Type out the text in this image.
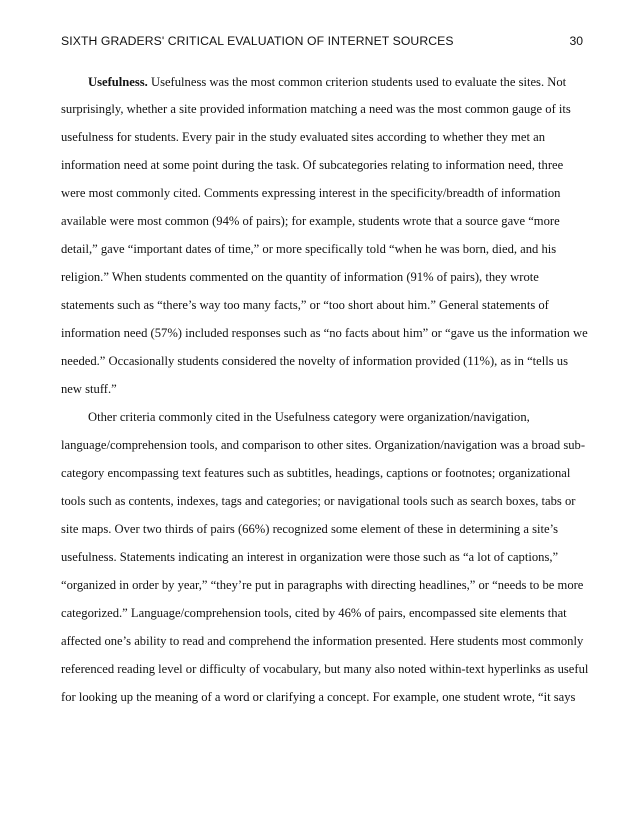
SIXTH GRADERS' CRITICAL EVALUATION OF INTERNET SOURCES	30
Usefulness. Usefulness was the most common criterion students used to evaluate the sites. Not
surprisingly, whether a site provided information matching a need was the most common gauge of its
usefulness for students. Every pair in the study evaluated sites according to whether they met an
information need at some point during the task. Of subcategories relating to information need, three
were most commonly cited. Comments expressing interest in the specificity/breadth of information
available were most common (94% of pairs); for example, students wrote that a source gave “more
detail,” gave “important dates of time,” or more specifically told “when he was born, died, and his
religion.” When students commented on the quantity of information (91% of pairs), they wrote
statements such as “there’s way too many facts,” or “too short about him.” General statements of
information need (57%) included responses such as “no facts about him” or “gave us the information we
needed.” Occasionally students considered the novelty of information provided (11%), as in “tells us
new stuff.”
Other criteria commonly cited in the Usefulness category were organization/navigation,
language/comprehension tools, and comparison to other sites. Organization/navigation was a broad sub-
category encompassing text features such as subtitles, headings, captions or footnotes; organizational
tools such as contents, indexes, tags and categories; or navigational tools such as search boxes, tabs or
site maps. Over two thirds of pairs (66%) recognized some element of these in determining a site’s
usefulness. Statements indicating an interest in organization were those such as “a lot of captions,”
“organized in order by year,” “they’re put in paragraphs with directing headlines,” or “needs to be more
categorized.” Language/comprehension tools, cited by 46% of pairs, encompassed site elements that
affected one’s ability to read and comprehend the information presented. Here students most commonly
referenced reading level or difficulty of vocabulary, but many also noted within-text hyperlinks as useful
for looking up the meaning of a word or clarifying a concept. For example, one student wrote, “it says
